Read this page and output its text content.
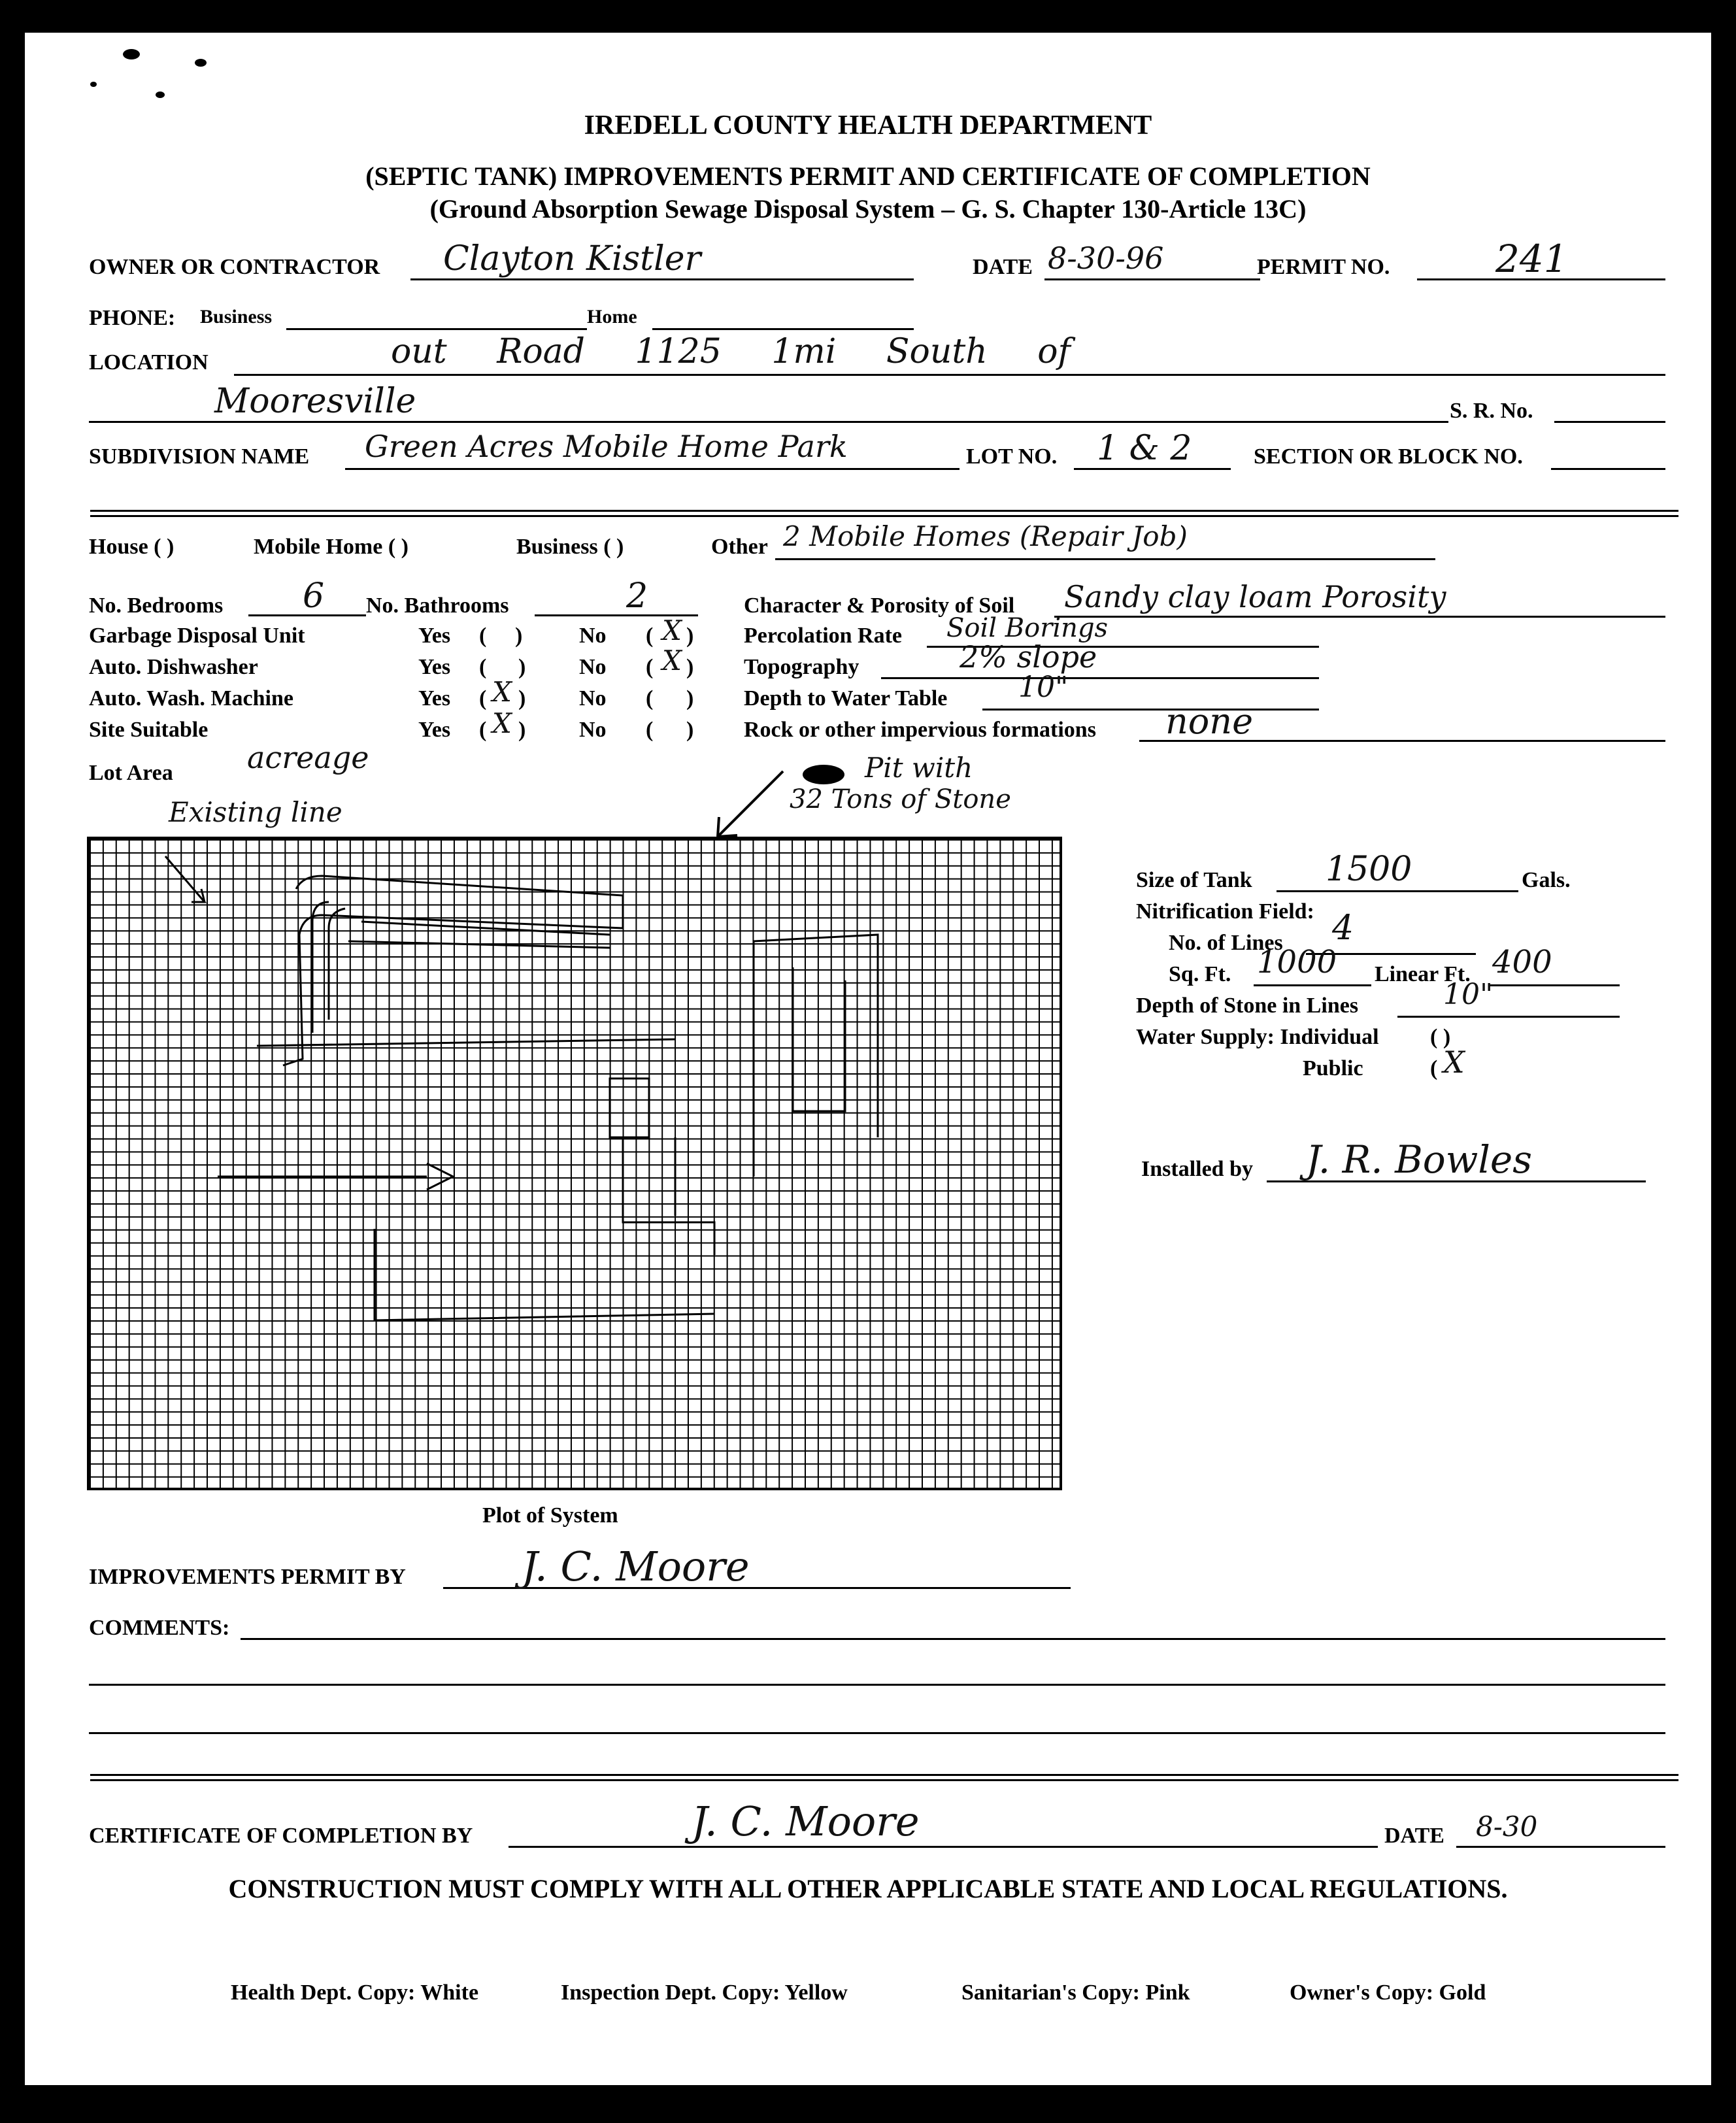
IREDELL COUNTY HEALTH DEPARTMENT
(SEPTIC TANK) IMPROVEMENTS PERMIT AND CERTIFICATE OF COMPLETION
(Ground Absorption Sewage Disposal System – G. S. Chapter 130-Article 13C)
OWNER OR CONTRACTOR Clayton Kistler	DATE 8-30-96	PERMIT NO.	241
PHONE: Business	Home
LOCATION	out Road 1125 1mi South of
Mooresville	S. R. No.
SUBDIVISION NAME Green Acres Mobile Home Park	LOT NO. 1 & 2	SECTION OR BLOCK NO.
House ( )	Mobile Home ( )	Business ( )	Other 2 Mobile Homes (Repair Job)
No. Bedrooms 6 No. Bathrooms	2
Garbage Disposal Unit	Yes ( )	No ( X )
Auto. Dishwasher	Yes ( ) No ( X )
Auto. Wash. Machine	Yes ( X ) No ( )
Site Suitable	Yes ( X ) No ( )
Lot Area acreage
Character & Porosity of Soil Sandy clay loam Porosity
Percolation Rate Soil Borings
Topography	2% slope
Depth to Water Table 10"
Rock or other impervious formations none
Existing line
Pit with
32 Tons of Stone
Plot of System
Size of Tank 1500	Gals.
Nitrification Field:
No. of Lines 4
Sq. Ft. 1000 Linear Ft. 400
Depth of Stone in Lines	10"
Water Supply: Individual ( )
Public	( X
Installed by J. R. Bowles
IMPROVEMENTS PERMIT BY	J. C. Moore
COMMENTS:
CERTIFICATE OF COMPLETION BY	J. C. Moore	DATE 8-30
CONSTRUCTION MUST COMPLY WITH ALL OTHER APPLICABLE STATE AND LOCAL REGULATIONS.
Health Dept. Copy: White	Inspection Dept. Copy: Yellow	Sanitarian's Copy: Pink	Owner's Copy: Gold
